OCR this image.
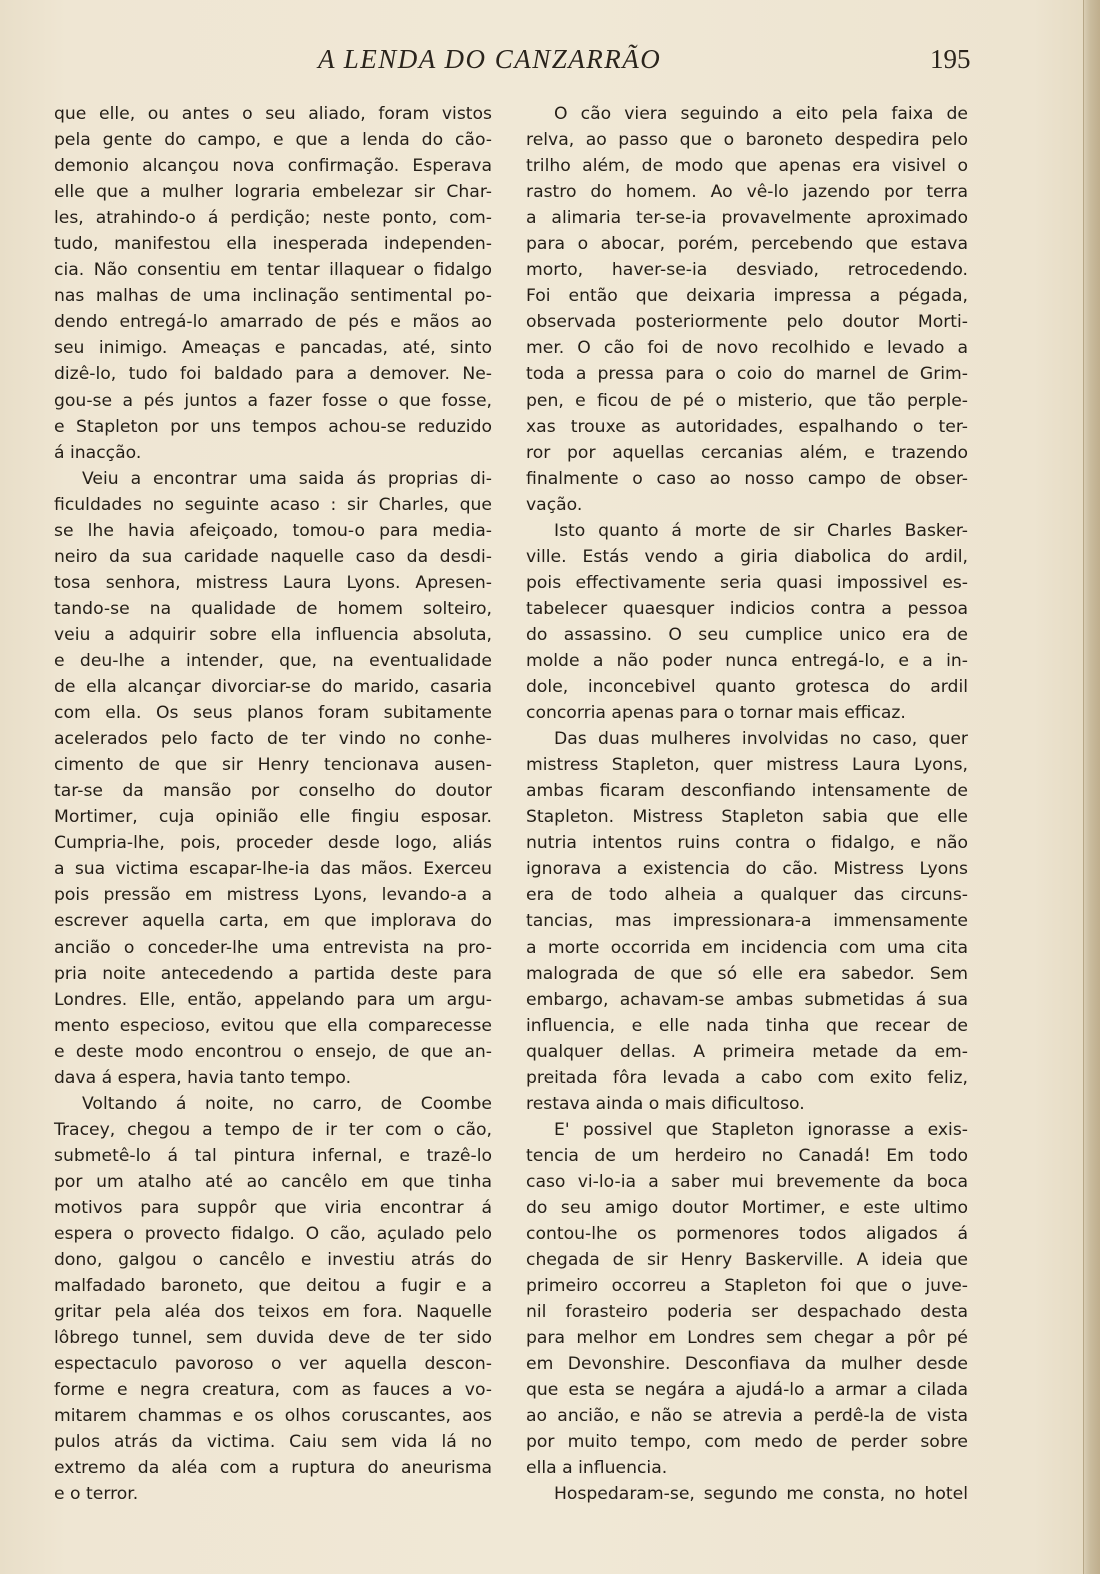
A LENDA DO CANZARRÃO	195
que elle, ou antes o seu aliado, foram vistos
pela gente do campo, e que a lenda do cão-
demonio alcançou nova confirmação. Esperava
elle que a mulher lograria embelezar sir Char-
les, atrahindo-o á perdição; neste ponto, com-
tudo, manifestou ella inesperada independen-
cia. Não consentiu em tentar illaquear o fidalgo
nas malhas de uma inclinação sentimental po-
dendo entregá-lo amarrado de pés e mãos ao
seu inimigo. Ameaças e pancadas, até, sinto
dizê-lo, tudo foi baldado para a demover. Ne-
gou-se a pés juntos a fazer fosse o que fosse,
e Stapleton por uns tempos achou-se reduzido
á inacção.
Veiu a encontrar uma saida ás proprias di-
ficuldades no seguinte acaso : sir Charles, que
se lhe havia afeiçoado, tomou-o para media-
neiro da sua caridade naquelle caso da desdi-
tosa senhora, mistress Laura Lyons. Apresen-
tando-se na qualidade de homem solteiro,
veiu a adquirir sobre ella influencia absoluta,
e deu-lhe a intender, que, na eventualidade
de ella alcançar divorciar-se do marido, casaria
com ella. Os seus planos foram subitamente
acelerados pelo facto de ter vindo no conhe-
cimento de que sir Henry tencionava ausen-
tar-se da mansão por conselho do doutor
Mortimer, cuja opinião elle fingiu esposar.
Cumpria-lhe, pois, proceder desde logo, aliás
a sua victima escapar-lhe-ia das mãos. Exerceu
pois pressão em mistress Lyons, levando-a a
escrever aquella carta, em que implorava do
ancião o conceder-lhe uma entrevista na pro-
pria noite antecedendo a partida deste para
Londres. Elle, então, appelando para um argu-
mento especioso, evitou que ella comparecesse
e deste modo encontrou o ensejo, de que an-
dava á espera, havia tanto tempo.
Voltando á noite, no carro, de Coombe
Tracey, chegou a tempo de ir ter com o cão,
submetê-lo á tal pintura infernal, e trazê-lo
por um atalho até ao cancêlo em que tinha
motivos para suppôr que viria encontrar á
espera o provecto fidalgo. O cão, açulado pelo
dono, galgou o cancêlo e investiu atrás do
malfadado baroneto, que deitou a fugir e a
gritar pela aléa dos teixos em fora. Naquelle
lôbrego tunnel, sem duvida deve de ter sido
espectaculo pavoroso o ver aquella descon-
forme e negra creatura, com as fauces a vo-
mitarem chammas e os olhos coruscantes, aos
pulos atrás da victima. Caiu sem vida lá no
extremo da aléa com a ruptura do aneurisma
e o terror.
O cão viera seguindo a eito pela faixa de
relva, ao passo que o baroneto despedira pelo
trilho além, de modo que apenas era visivel o
rastro do homem. Ao vê-lo jazendo por terra
a alimaria ter-se-ia provavelmente aproximado
para o abocar, porém, percebendo que estava
morto, haver-se-ia desviado, retrocedendo.
Foi então que deixaria impressa a pégada,
observada posteriormente pelo doutor Morti-
mer. O cão foi de novo recolhido e levado a
toda a pressa para o coio do marnel de Grim-
pen, e ficou de pé o misterio, que tão perple-
xas trouxe as autoridades, espalhando o ter-
ror por aquellas cercanias além, e trazendo
finalmente o caso ao nosso campo de obser-
vação.
Isto quanto á morte de sir Charles Basker-
ville. Estás vendo a giria diabolica do ardil,
pois effectivamente seria quasi impossivel es-
tabelecer quaesquer indicios contra a pessoa
do assassino. O seu cumplice unico era de
molde a não poder nunca entregá-lo, e a in-
dole, inconcebivel quanto grotesca do ardil
concorria apenas para o tornar mais efficaz.
Das duas mulheres involvidas no caso, quer
mistress Stapleton, quer mistress Laura Lyons,
ambas ficaram desconfiando intensamente de
Stapleton. Mistress Stapleton sabia que elle
nutria intentos ruins contra o fidalgo, e não
ignorava a existencia do cão. Mistress Lyons
era de todo alheia a qualquer das circuns-
tancias, mas impressionara-a immensamente
a morte occorrida em incidencia com uma cita
malograda de que só elle era sabedor. Sem
embargo, achavam-se ambas submetidas á sua
influencia, e elle nada tinha que recear de
qualquer dellas. A primeira metade da em-
preitada fôra levada a cabo com exito feliz,
restava ainda o mais dificultoso.
E' possivel que Stapleton ignorasse a exis-
tencia de um herdeiro no Canadá! Em todo
caso vi-lo-ia a saber mui brevemente da boca
do seu amigo doutor Mortimer, e este ultimo
contou-lhe os pormenores todos aligados á
chegada de sir Henry Baskerville. A ideia que
primeiro occorreu a Stapleton foi que o juve-
nil forasteiro poderia ser despachado desta
para melhor em Londres sem chegar a pôr pé
em Devonshire. Desconfiava da mulher desde
que esta se negára a ajudá-lo a armar a cilada
ao ancião, e não se atrevia a perdê-la de vista
por muito tempo, com medo de perder sobre
ella a influencia.
Hospedaram-se, segundo me consta, no hotel
